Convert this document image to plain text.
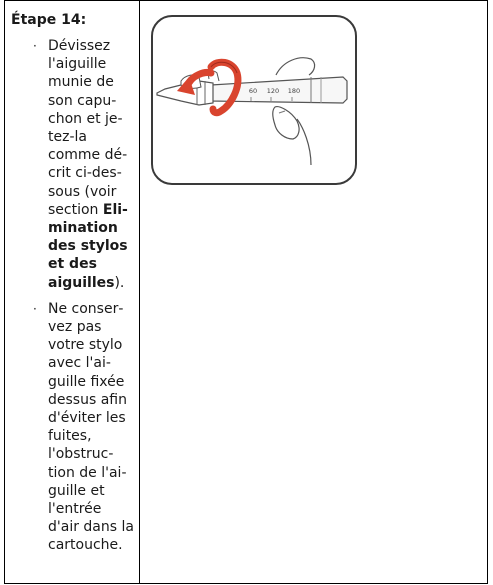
Étape 14:
· Dévissez l'aiguille munie de son capuchon et jetez-la comme décrit ci-dessous (voir section Elimination des stylos et des aiguilles).
· Ne conservez pas votre stylo avec l'aiguille fixée dessus afin d'éviter les fuites, l'obstruction de l'aiguille et l'entrée d'air dans la cartouche.
60 120 180
